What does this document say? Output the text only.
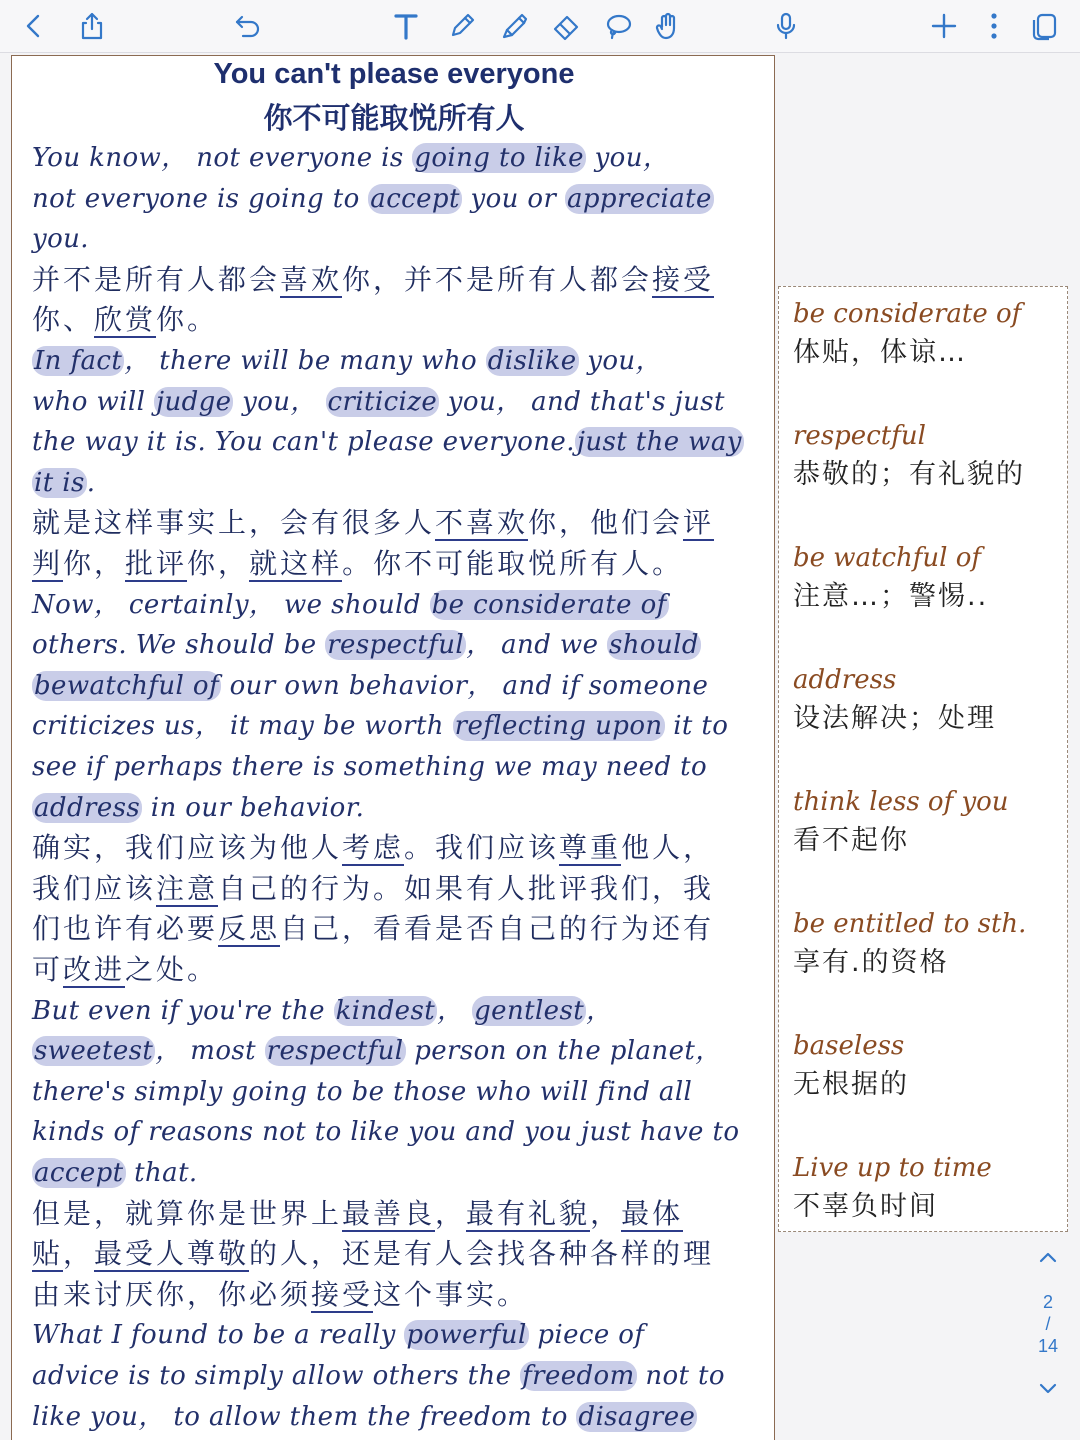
You can't please everyone
你不可能取悦所有人
You know， not everyone is going to like you，
not everyone is going to accept you or appreciate
you.
并不是所有人都会喜欢你，并不是所有人都会接受
你、欣赏你。
In fact， there will be many who dislike you，
who will judge you， criticize you， and that's just
the way it is. You can't please everyone.just the way
it is.
就是这样事实上，会有很多人不喜欢你，他们会评
判你，批评你，就这样。你不可能取悦所有人。
Now， certainly， we should be considerate of
others. We should be respectful， and we should
bewatchful of our own behavior， and if someone
criticizes us， it may be worth reflecting upon it to
see if perhaps there is something we may need to
address in our behavior.
确实，我们应该为他人考虑。我们应该尊重他人，
我们应该注意自己的行为。如果有人批评我们，我
们也许有必要反思自己，看看是否自己的行为还有
可改进之处。
But even if you're the kindest， gentlest，
sweetest， most respectful person on the planet，
there's simply going to be those who will find all
kinds of reasons not to like you and you just have to
accept that.
但是，就算你是世界上最善良，最有礼貌，最体
贴，最受人尊敬的人，还是有人会找各种各样的理
由来讨厌你，你必须接受这个事实。
What I found to be a really powerful piece of
advice is to simply allow others the freedom not to
like you， to allow them the freedom to disagree
be considerate of
体贴，体谅…
respectful
恭敬的；有礼貌的
be watchful of
注意…；警惕..
address
设法解决；处理
think less of you
看不起你
be entitled to sth.
享有.的资格
baseless
无根据的
Live up to time
不辜负时间
2
/
14
